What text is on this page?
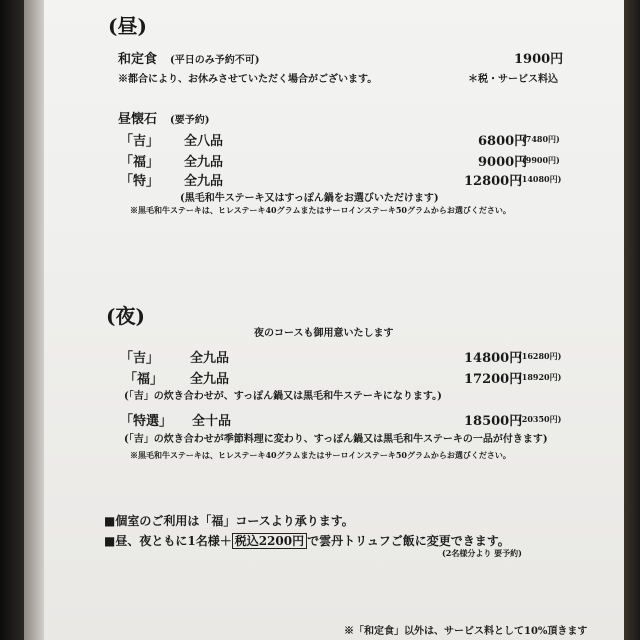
(昼)
和定食 (平日のみ予約不可)	1900円
※都合により、お休みさせていただく場合がございます。	＊税・サービス料込
昼懐石 (要予約)
「吉」 全八品	6800円
(7480円)
「福」 全九品	9000円
(9900円)
「特」 全九品	12800円
(14080円)
(黒毛和牛ステーキ又はすっぽん鍋をお選びいただけます)
※黒毛和牛ステーキは、ヒレステーキ40グラムまたはサーロインステーキ50グラムからお選びください。
(夜)
夜のコースも御用意いたします
「吉」 全九品	14800円
(16280円)
「福」 全九品	17200円
(18920円)
(「吉」の炊き合わせが、すっぽん鍋又は黒毛和牛ステーキになります。)
「特選」 全十品	18500円
(20350円)
(「吉」の炊き合わせが季節料理に変わり、すっぽん鍋又は黒毛和牛ステーキの一品が付きます)
※黒毛和牛ステーキは、ヒレステーキ40グラムまたはサーロインステーキ50グラムからお選びください。
■個室のご利用は「福」コースより承ります。
■昼、夜ともに1名様＋ 税込2200円 で雲丹トリュフご飯に変更できます。
(2名様分より 要予約)
※「和定食」以外は、サービス料として10%頂きます
